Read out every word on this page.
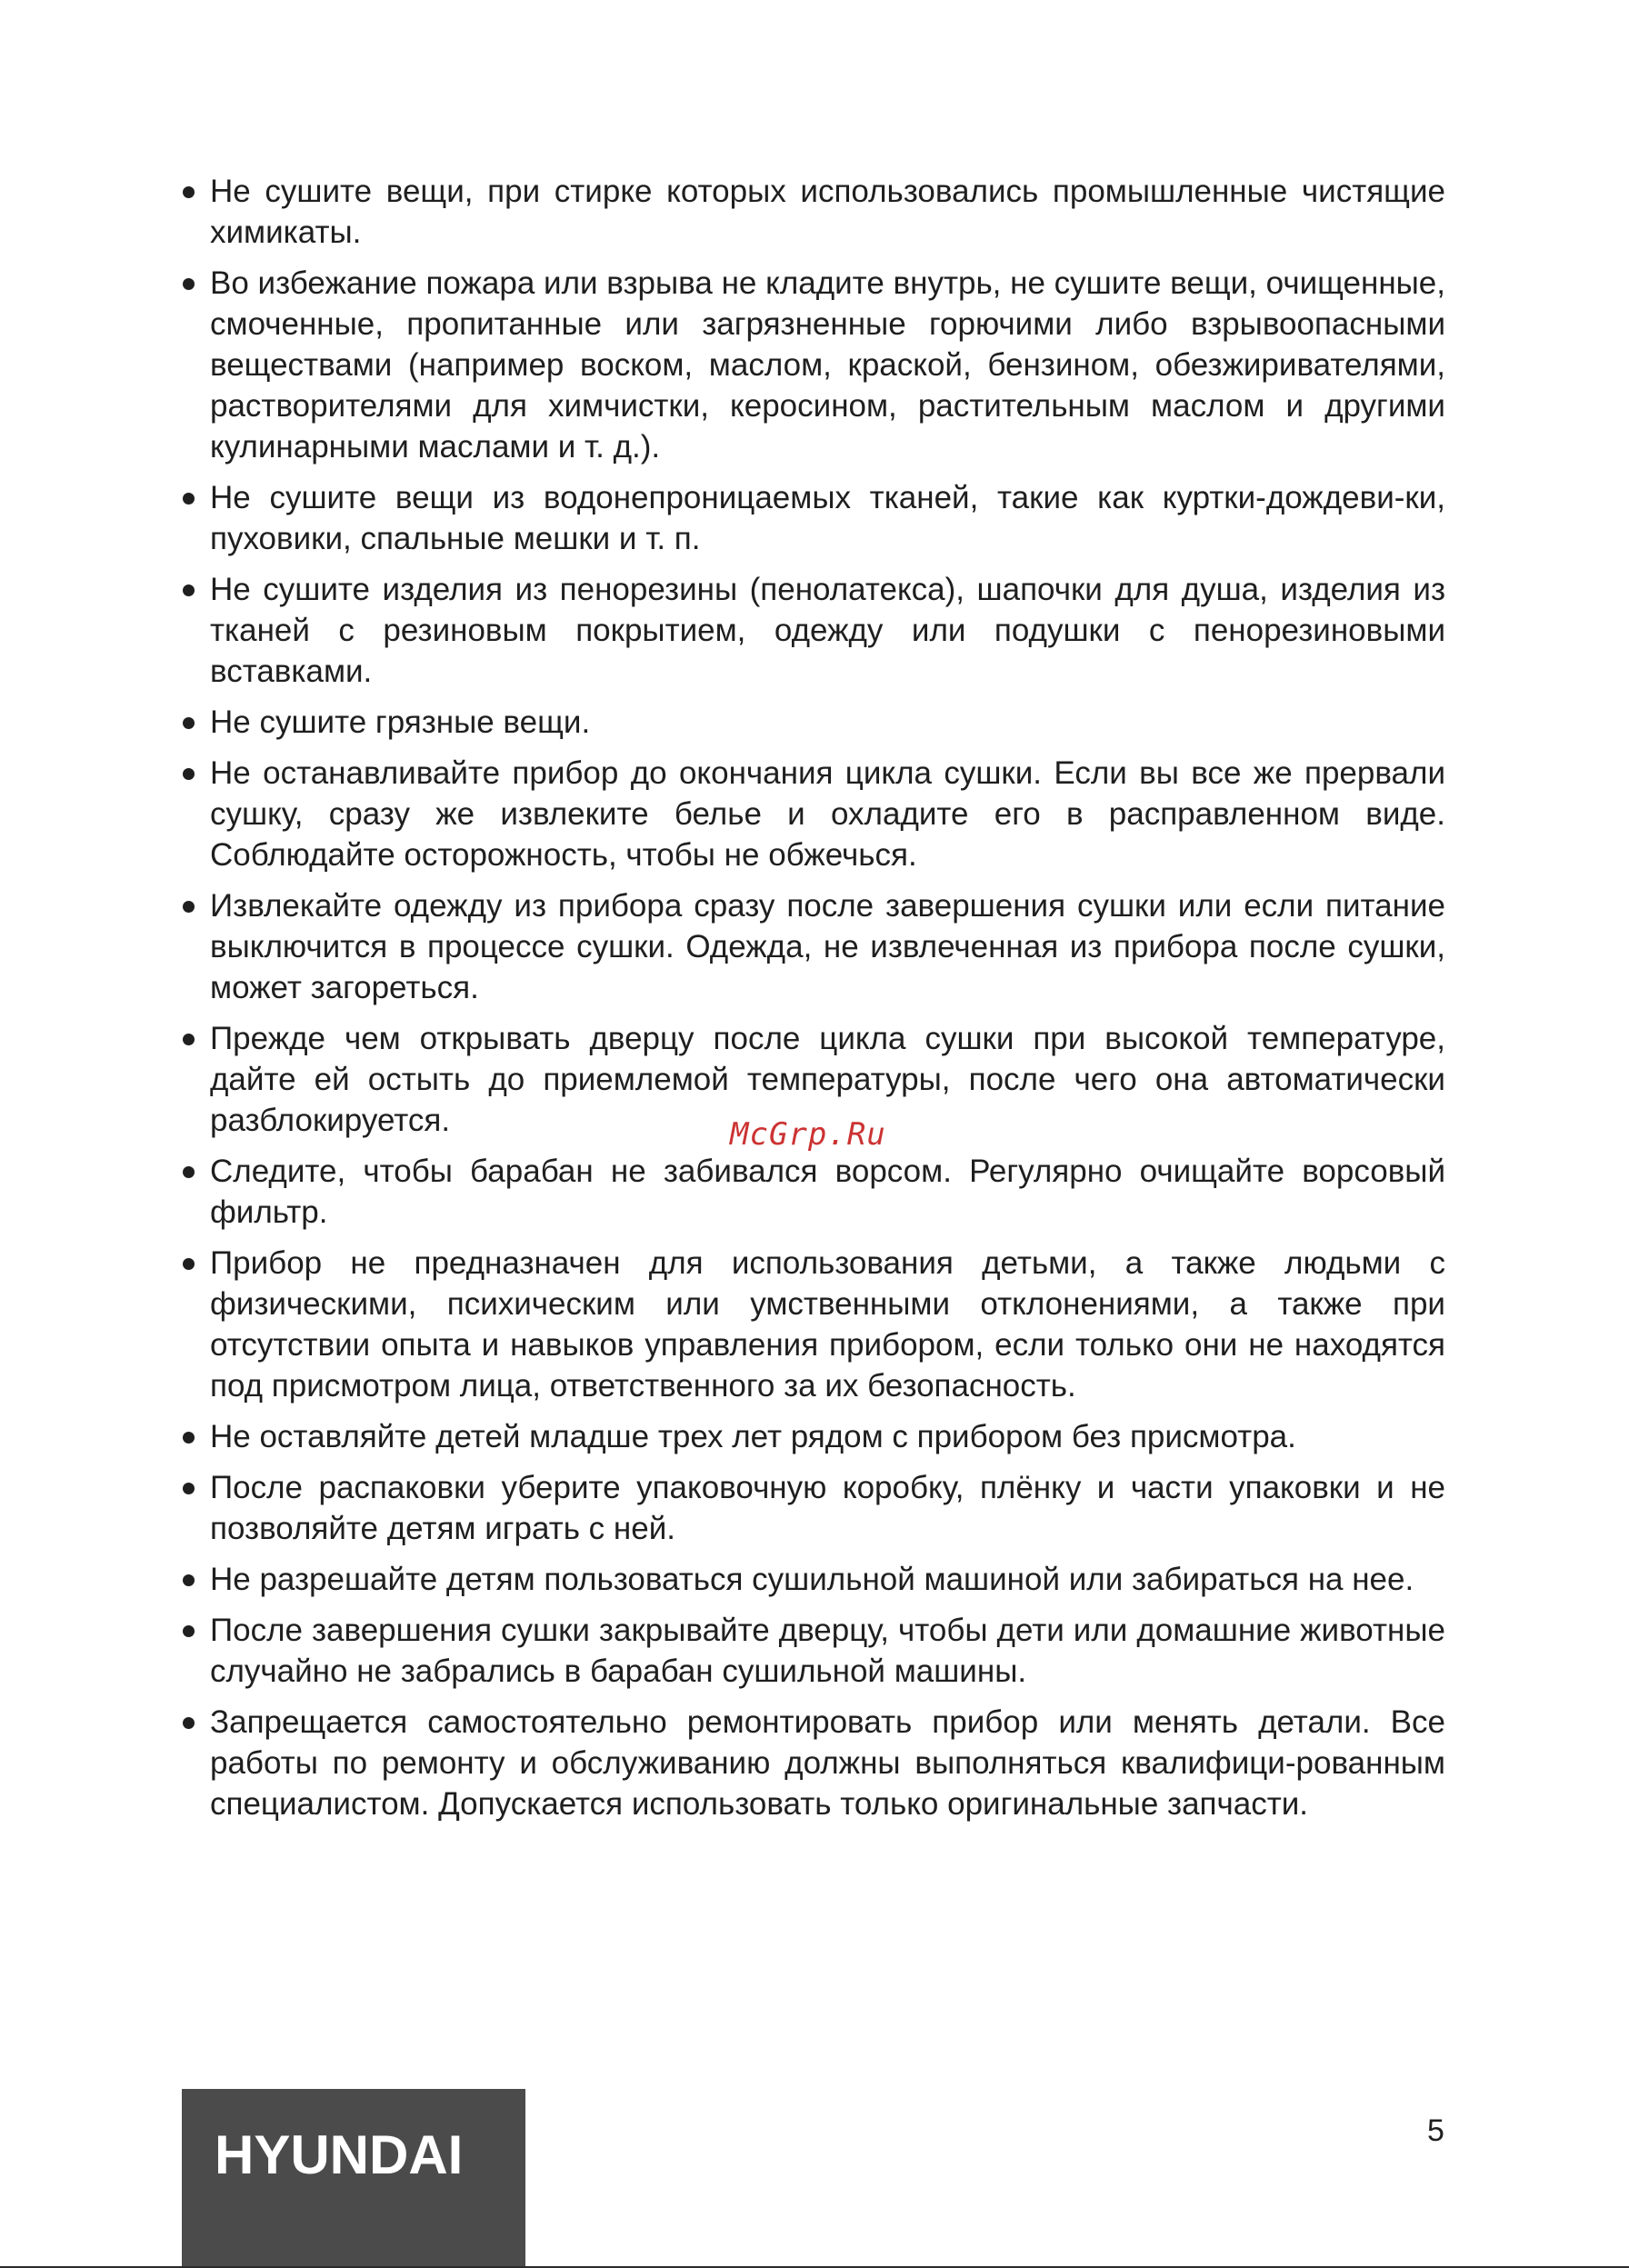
Не сушите вещи, при стирке которых использовались промышленные чистящие химикаты.
Во избежание пожара или взрыва не кладите внутрь, не сушите вещи, очищенные, смоченные, пропитанные или загрязненные горючими либо взрывоопасными веществами (например воском, маслом, краской, бензином, обезжиривателями, растворителями для химчистки, керосином, растительным маслом и другими кулинарными маслами и т. д.).
Не сушите вещи из водонепроницаемых тканей, такие как куртки-дождеви-ки, пуховики, спальные мешки и т. п.
Не сушите изделия из пенорезины (пенолатекса), шапочки для душа, изделия из тканей с резиновым покрытием, одежду или подушки с пенорезиновыми вставками.
Не сушите грязные вещи.
Не останавливайте прибор до окончания цикла сушки. Если вы все же прервали сушку, сразу же извлеките белье и охладите его в расправленном виде. Соблюдайте осторожность, чтобы не обжечься.
Извлекайте одежду из прибора сразу после завершения сушки или если питание выключится в процессе сушки. Одежда, не извлеченная из прибора после сушки, может загореться.
Прежде чем открывать дверцу после цикла сушки при высокой температуре, дайте ей остыть до приемлемой температуры, после чего она автоматически разблокируется.
Следите, чтобы барабан не забивался ворсом. Регулярно очищайте ворсовый фильтр.
Прибор не предназначен для использования детьми, а также людьми с физическими, психическим или умственными отклонениями, а также при отсутствии опыта и навыков управления прибором, если только они не находятся под присмотром лица, ответственного за их безопасность.
Не оставляйте детей младше трех лет рядом с прибором без присмотра.
После распаковки уберите упаковочную коробку, плёнку и части упаковки и не позволяйте детям играть с ней.
Не разрешайте детям пользоваться сушильной машиной или забираться на нее.
После завершения сушки закрывайте дверцу, чтобы дети или домашние животные случайно не забрались в барабан сушильной машины.
Запрещается самостоятельно ремонтировать прибор или менять детали. Все работы по ремонту и обслуживанию должны выполняться квалифици-рованным специалистом. Допускается использовать только оригинальные запчасти.
McGrp.Ru
HYUNDAI	5
